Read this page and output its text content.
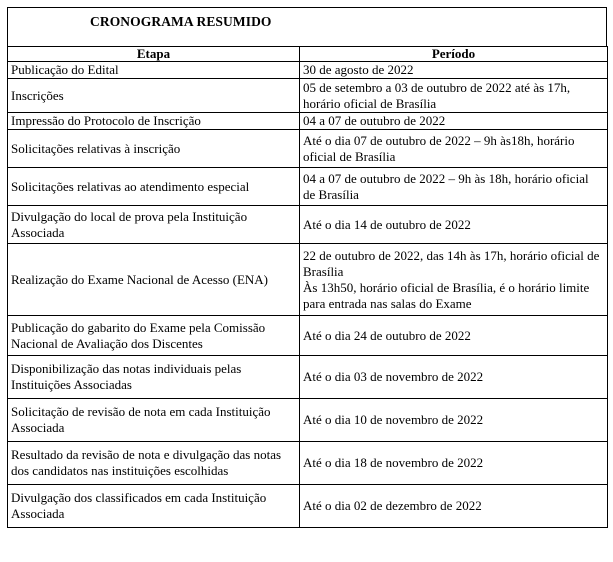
CRONOGRAMA RESUMIDO
Etapa	Período
Publicação do Edital	30 de agosto de 2022
Inscrições	05 de setembro a 03 de outubro de 2022 até às 17h, horário oficial de Brasília
Impressão do Protocolo de Inscrição	04 a 07 de outubro de 2022
Solicitações relativas à inscrição	Até o dia 07 de outubro de 2022 – 9h às18h, horário oficial de Brasília
Solicitações relativas ao atendimento especial	04 a 07 de outubro de 2022 – 9h às 18h, horário oficial de Brasília
Divulgação do local de prova pela Instituição Associada	Até o dia 14 de outubro de 2022
Realização do Exame Nacional de Acesso (ENA)	22 de outubro de 2022, das 14h às 17h, horário oficial de Brasília
Às 13h50, horário oficial de Brasília, é o horário limite para entrada nas salas do Exame

Publicação do gabarito do Exame pela Comissão Nacional de Avaliação dos Discentes	Até o dia 24 de outubro de 2022
Disponibilização das notas individuais pelas Instituições Associadas	Até o dia 03 de novembro de 2022
Solicitação de revisão de nota em cada Instituição Associada	Até o dia 10 de novembro de 2022
Resultado da revisão de nota e divulgação das notas dos candidatos nas instituições escolhidas	Até o dia 18 de novembro de 2022
Divulgação dos classificados em cada Instituição Associada	Até o dia 02 de dezembro de 2022
